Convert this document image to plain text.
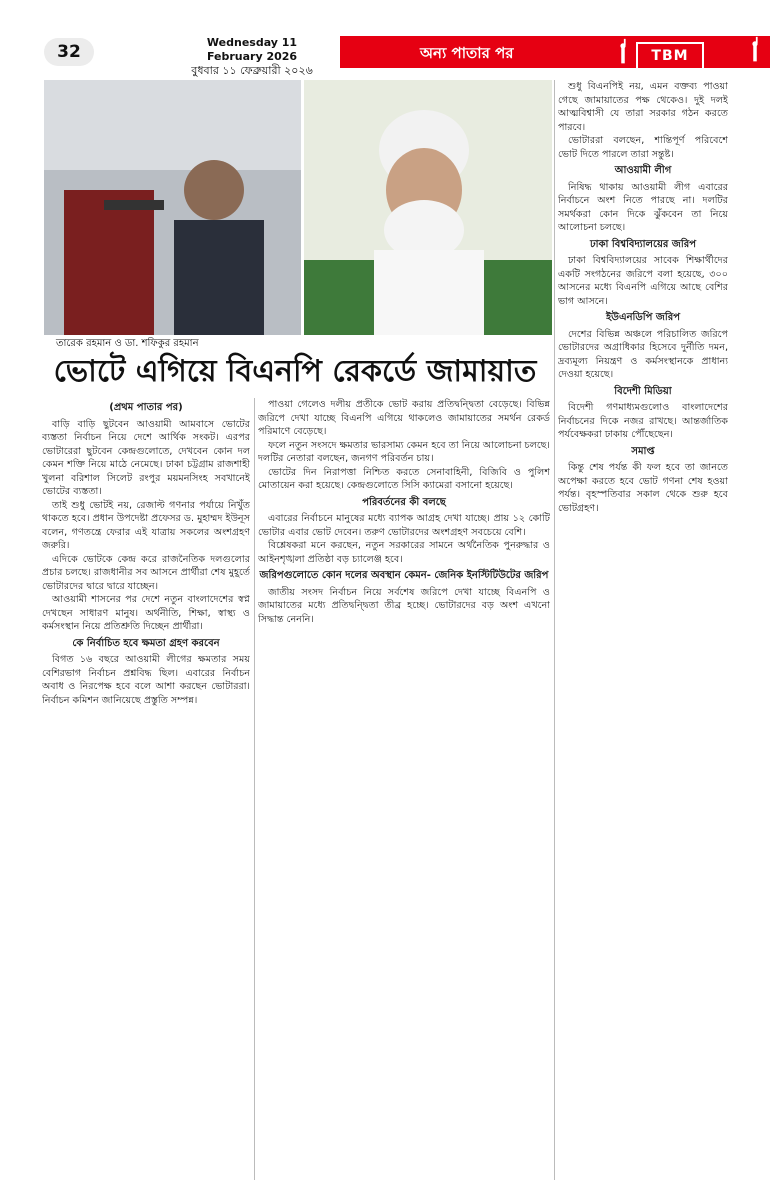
32	Wednesday 11 February 2026
বুধবার ১১ ফেব্রুয়ারী ২০২৬
অন্য পাতার পর	TBM
তারেক রহমান ও ডা. শফিকুর রহমান
ভোটে এগিয়ে বিএনপি রেকর্ডে জামায়াত
(প্রথম পাতার পর)

বাড়ি বাড়ি ছুটবেন আওয়ামী আমবাসে ভোটের ব্যস্ততা নির্বাচন নিয়ে দেশে আর্থিক সংকট। এরপর ভোটারেরা ছুটবেন কেন্দ্রগুলোতে, দেখবেন কোন দল কেমন শক্তি নিয়ে মাঠে নেমেছে। ঢাকা চট্টগ্রাম রাজশাহী খুলনা বরিশাল সিলেট রংপুর ময়মনসিংহ সবখানেই ভোটের ব্যস্ততা।

তাই শুধু ভোটই নয়, রেজাল্ট গণনার পর্যায়ে নিখুঁত থাকতে হবে। প্রধান উপদেষ্টা প্রফেসর ড. মুহাম্মদ ইউনূস বলেন, গণতন্ত্রে ফেরার এই যাত্রায় সকলের অংশগ্রহণ জরুরি।

এদিকে ভোটকে কেন্দ্র করে রাজনৈতিক দলগুলোর প্রচার চলছে। রাজধানীর সব আসনে প্রার্থীরা শেষ মুহূর্তে ভোটারদের দ্বারে দ্বারে যাচ্ছেন।

আওয়ামী শাসনের পর দেশে নতুন বাংলাদেশের স্বপ্ন দেখছেন সাধারণ মানুষ। অর্থনীতি, শিক্ষা, স্বাস্থ্য ও কর্মসংস্থান নিয়ে প্রতিশ্রুতি দিচ্ছেন প্রার্থীরা।

কে নির্বাচিত হবে ক্ষমতা গ্রহণ করবেন

বিগত ১৬ বছরে আওয়ামী লীগের ক্ষমতার সময় বেশিরভাগ নির্বাচন প্রশ্নবিদ্ধ ছিল। এবারের নির্বাচন অবাধ ও নিরপেক্ষ হবে বলে আশা করছেন ভোটাররা। নির্বাচন কমিশন জানিয়েছে প্রস্তুতি সম্পন্ন।

পাওয়া গেলেও দলীয় প্রতীকে ভোট করায় প্রতিদ্বন্দ্বিতা বেড়েছে। বিভিন্ন জরিপে দেখা যাচ্ছে বিএনপি এগিয়ে থাকলেও জামায়াতের সমর্থন রেকর্ড পরিমাণে বেড়েছে।

ফলে নতুন সংসদে ক্ষমতার ভারসাম্য কেমন হবে তা নিয়ে আলোচনা চলছে। দলটির নেতারা বলছেন, জনগণ পরিবর্তন চায়।

ভোটের দিন নিরাপত্তা নিশ্চিত করতে সেনাবাহিনী, বিজিবি ও পুলিশ মোতায়েন করা হয়েছে। কেন্দ্রগুলোতে সিসি ক্যামেরা বসানো হয়েছে।

পরিবর্তনের কী বলছে

এবারের নির্বাচনে মানুষের মধ্যে ব্যাপক আগ্রহ দেখা যাচ্ছে। প্রায় ১২ কোটি ভোটার এবার ভোট দেবেন। তরুণ ভোটারদের অংশগ্রহণ সবচেয়ে বেশি।

বিশ্লেষকরা মনে করছেন, নতুন সরকারের সামনে অর্থনৈতিক পুনরুদ্ধার ও আইনশৃঙ্খলা প্রতিষ্ঠা বড় চ্যালেঞ্জ হবে।

জরিপগুলোতে কোন দলের অবস্থান কেমন- জেনিক ইনস্টিটিউটের জরিপ

জাতীয় সংসদ নির্বাচন নিয়ে সর্বশেষ জরিপে দেখা যাচ্ছে বিএনপি ও জামায়াতের মধ্যে প্রতিদ্বন্দ্বিতা তীব্র হচ্ছে। ভোটারদের বড় অংশ এখনো সিদ্ধান্ত নেননি।

শুধু বিএনপিই নয়, এমন বক্তব্য পাওয়া গেছে জামায়াতের পক্ষ থেকেও। দুই দলই আত্মবিশ্বাসী যে তারা সরকার গঠন করতে পারবে।

ভোটাররা বলছেন, শান্তিপূর্ণ পরিবেশে ভোট দিতে পারলে তারা সন্তুষ্ট।

আওয়ামী লীগ

নিষিদ্ধ থাকায় আওয়ামী লীগ এবারের নির্বাচনে অংশ নিতে পারছে না। দলটির সমর্থকরা কোন দিকে ঝুঁকবেন তা নিয়ে আলোচনা চলছে।

ঢাকা বিশ্ববিদ্যালয়ের জরিপ

ঢাকা বিশ্ববিদ্যালয়ের সাবেক শিক্ষার্থীদের একটি সংগঠনের জরিপে বলা হয়েছে, ৩০০ আসনের মধ্যে বিএনপি এগিয়ে আছে বেশির ভাগ আসনে।

ইউএনডিপি জরিপ

দেশের বিভিন্ন অঞ্চলে পরিচালিত জরিপে ভোটারদের অগ্রাধিকার হিসেবে দুর্নীতি দমন, দ্রব্যমূল্য নিয়ন্ত্রণ ও কর্মসংস্থানকে প্রাধান্য দেওয়া হয়েছে।

বিদেশী মিডিয়া

বিদেশী গণমাধ্যমগুলোও বাংলাদেশের নির্বাচনের দিকে নজর রাখছে। আন্তর্জাতিক পর্যবেক্ষকরা ঢাকায় পৌঁছেছেন।

সমাপ্ত

কিন্তু শেষ পর্যন্ত কী ফল হবে তা জানতে অপেক্ষা করতে হবে ভোট গণনা শেষ হওয়া পর্যন্ত। বৃহস্পতিবার সকাল থেকে শুরু হবে ভোটগ্রহণ।
